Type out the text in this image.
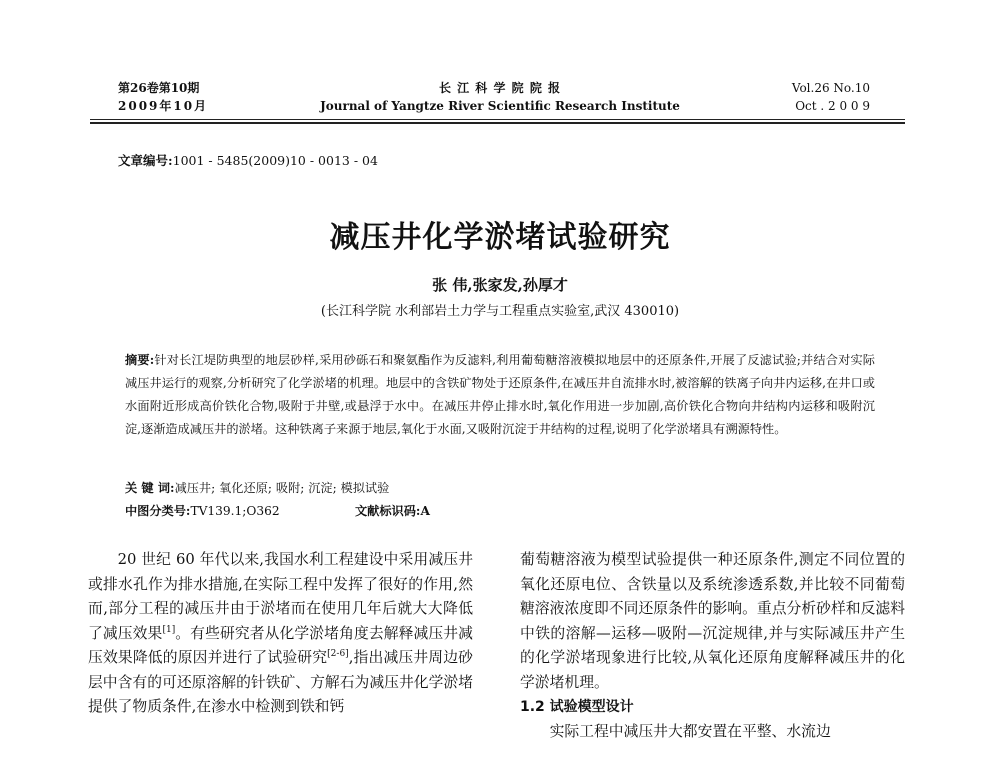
第26卷第10期
2009年10月
长 江 科 学 院 院 报
Journal of Yangtze River Scientific Research Institute
Vol.26 No.10
Oct . 2 0 0 9
文章编号:1001 - 5485(2009)10 - 0013 - 04
减压井化学淤堵试验研究
张 伟,张家发,孙厚才
(长江科学院 水利部岩土力学与工程重点实验室,武汉 430010)
摘要:针对长江堤防典型的地层砂样,采用砂砾石和聚氨酯作为反滤料,利用葡萄糖溶液模拟地层中的还原条件,开展了反滤试验;并结合对实际减压井运行的观察,分析研究了化学淤堵的机理。地层中的含铁矿物处于还原条件,在减压井自流排水时,被溶解的铁离子向井内运移,在井口或水面附近形成高价铁化合物,吸附于井壁,或悬浮于水中。在减压井停止排水时,氧化作用进一步加剧,高价铁化合物向井结构内运移和吸附沉淀,逐渐造成减压井的淤堵。这种铁离子来源于地层,氧化于水面,又吸附沉淀于井结构的过程,说明了化学淤堵具有溯源特性。
关 键 词:减压井; 氧化还原; 吸附; 沉淀; 模拟试验
中图分类号:TV139.1;O362	文献标识码:A

20 世纪 60 年代以来,我国水利工程建设中采用减压井或排水孔作为排水措施,在实际工程中发挥了很好的作用,然而,部分工程的减压井由于淤堵而在使用几年后就大大降低了减压效果[1]。有些研究者从化学淤堵角度去解释减压井减压效果降低的原因并进行了试验研究[2-6],指出减压井周边砂层中含有的可还原溶解的针铁矿、方解石为减压井化学淤堵提供了物质条件,在渗水中检测到铁和钙

葡萄糖溶液为模型试验提供一种还原条件,测定不同位置的氧化还原电位、含铁量以及系统渗透系数,并比较不同葡萄糖溶液浓度即不同还原条件的影响。重点分析砂样和反滤料中铁的溶解—运移—吸附—沉淀规律,并与实际减压井产生的化学淤堵现象进行比较,从氧化还原角度解释减压井的化学淤堵机理。

1.2 试验模型设计

实际工程中减压井大都安置在平整、水流边
